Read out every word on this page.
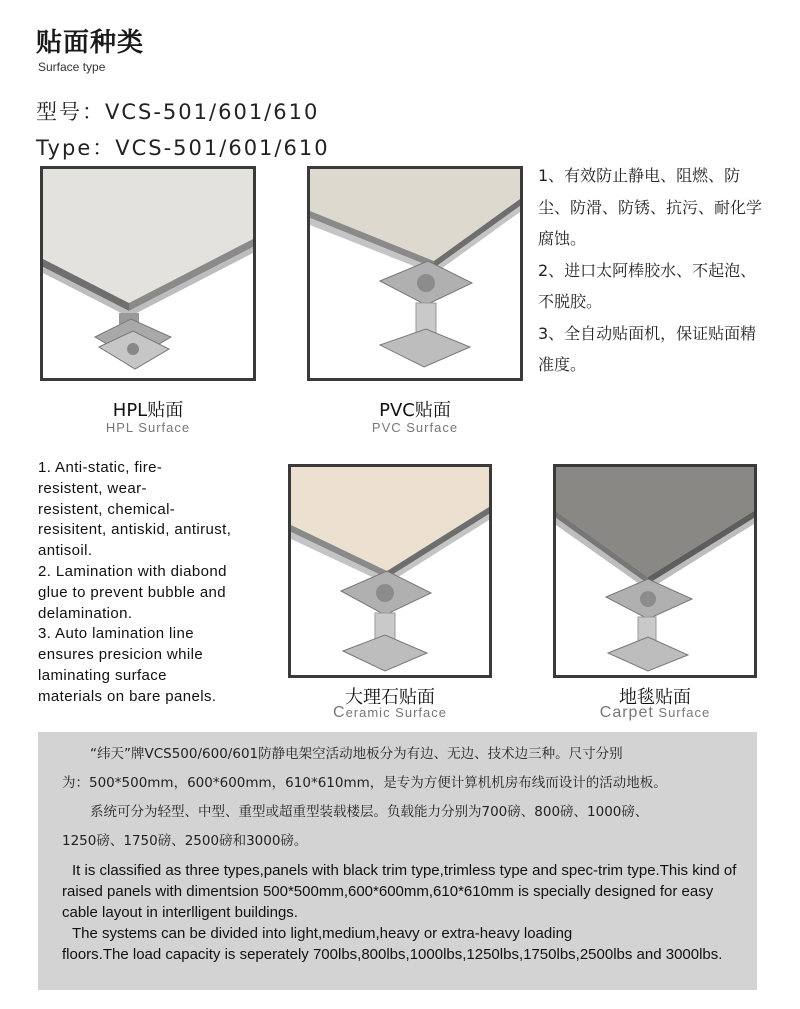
贴面种类
Surface type
型号：VCS-501/601/610
Type：VCS-501/601/610
HPL贴面
HPL Surface
PVC贴面
PVC Surface
1、有效防止静电、阻燃、防
尘、防滑、防锈、抗污、耐化学
腐蚀。
2、进口太阿棒胶水、不起泡、
不脱胶。
3、全自动贴面机，保证贴面精
准度。
1. Anti-static, fire-
resistent, wear-
resistent, chemical-
resisitent, antiskid, antirust,
antisoil.
2. Lamination with diabond
glue to prevent bubble and
delamination.
3. Auto lamination line
ensures presicion while
laminating surface
materials on bare panels.	大理石贴面
Ceramic Surface
地毯贴面
Carpet Surface
“纬天”牌VCS500/600/601防静电架空活动地板分为有边、无边、技术边三种。尺寸分别
为：500*500mm，600*600mm，610*610mm，是专为方便计算机机房布线而设计的活动地板。
系统可分为轻型、中型、重型或超重型装载楼层。负载能力分别为700磅、800磅、1000磅、
1250磅、1750磅、2500磅和3000磅。
It is classified as three types,panels with black trim type,trimless type and spec-trim type.This kind of raised panels with dimentsion 500*500mm,600*600mm,610*610mm is specially designed for easy cable layout in interlligent buildings.
The systems can be divided into light,medium,heavy or extra-heavy loading
floors.The load capacity is seperately 700lbs,800lbs,1000lbs,1250lbs,1750lbs,2500lbs and 3000lbs.
